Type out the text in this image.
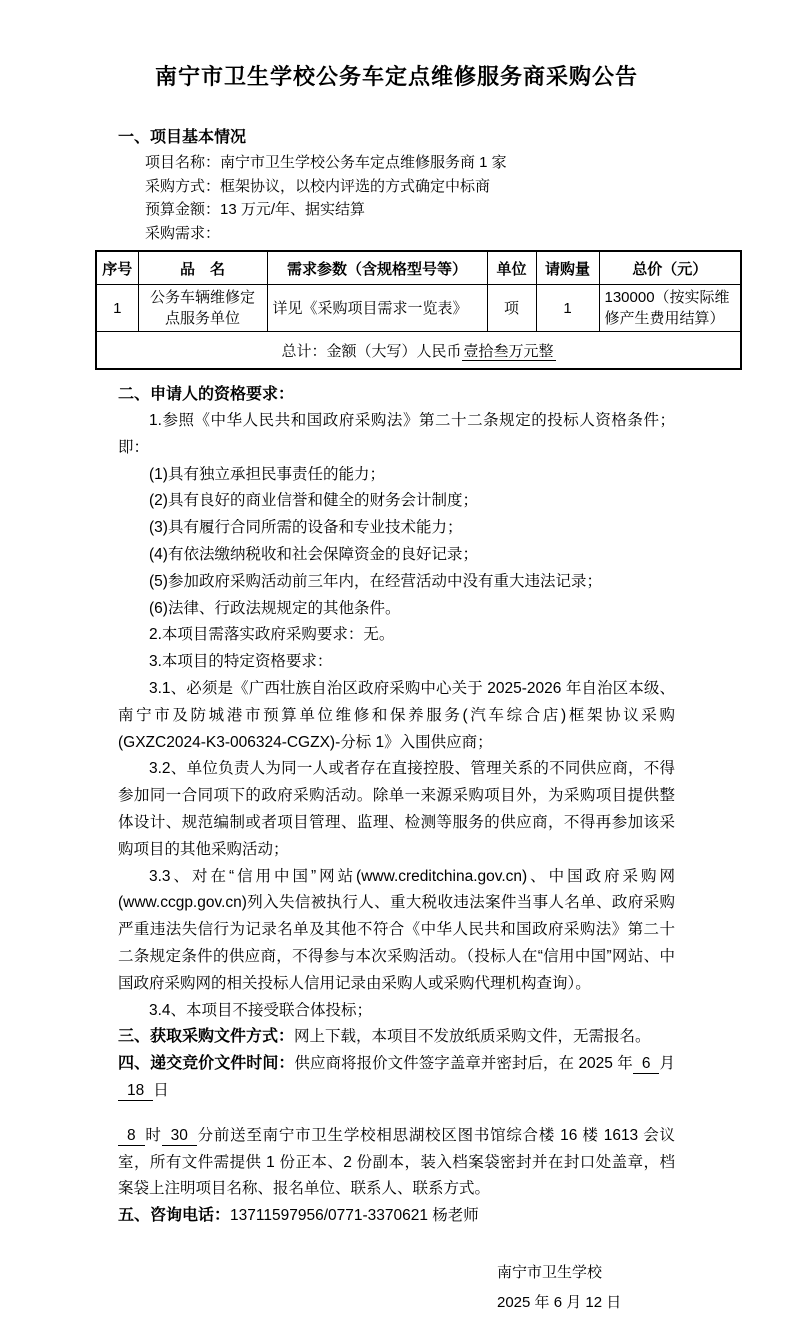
南宁市卫生学校公务车定点维修服务商采购公告

一、项目基本情况

项目名称：南宁市卫生学校公务车定点维修服务商 1 家

采购方式：框架协议，以校内评选的方式确定中标商

预算金额：13 万元/年、据实结算

采购需求：

序号	品　名	需求参数（含规格型号等）	单位	请购量	总价（元）
1	公务车辆维修定点服务单位	详见《采购项目需求一览表》	项	1	130000（按实际维修产生费用结算）
总计：金额（大写）人民币 壹拾叁万元整					

二、申请人的资格要求：

1.参照《中华人民共和国政府采购法》第二十二条规定的投标人资格条件；即：

(1)具有独立承担民事责任的能力；

(2)具有良好的商业信誉和健全的财务会计制度；

(3)具有履行合同所需的设备和专业技术能力；

(4)有依法缴纳税收和社会保障资金的良好记录；

(5)参加政府采购活动前三年内，在经营活动中没有重大违法记录；

(6)法律、行政法规规定的其他条件。

2.本项目需落实政府采购要求：无。

3.本项目的特定资格要求：

3.1、必须是《广西壮族自治区政府采购中心关于 2025-2026 年自治区本级、南宁市及防城港市预算单位维修和保养服务(汽车综合店)框架协议采购(GXZC2024-K3-006324-CGZX)-分标 1》入围供应商；

3.2、单位负责人为同一人或者存在直接控股、管理关系的不同供应商，不得参加同一合同项下的政府采购活动。除单一来源采购项目外，为采购项目提供整体设计、规范编制或者项目管理、监理、检测等服务的供应商，不得再参加该采购项目的其他采购活动；

3.3、对在“信用中国”网站(www.creditchina.gov.cn)、中国政府采购网(www.ccgp.gov.cn)列入失信被执行人、重大税收违法案件当事人名单、政府采购严重违法失信行为记录名单及其他不符合《中华人民共和国政府采购法》第二十二条规定条件的供应商，不得参与本次采购活动。（投标人在“信用中国”网站、中国政府采购网的相关投标人信用记录由采购人或采购代理机构查询）。

3.4、本项目不接受联合体投标；

三、获取采购文件方式：网上下载，本项目不发放纸质采购文件，无需报名。

四、递交竞价文件时间：供应商将报价文件签字盖章并密封后，在 2025 年 6 月18 日

8 时 30 分前送至南宁市卫生学校相思湖校区图书馆综合楼 16 楼 1613 会议室，所有文件需提供 1 份正本、2 份副本，装入档案袋密封并在封口处盖章，档案袋上注明项目名称、报名单位、联系人、联系方式。

五、咨询电话：13711597956/0771-3370621 杨老师

南宁市卫生学校

2025 年 6 月 12 日
